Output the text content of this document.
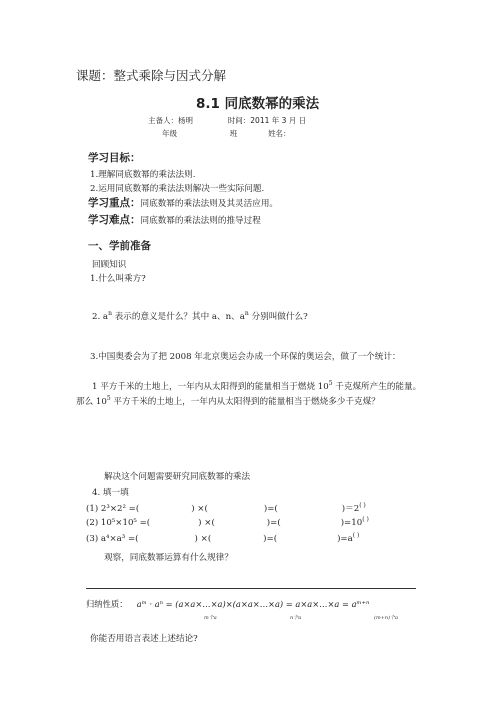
课题：整式乘除与因式分解
8.1 同底数幂的乘法
主备人：杨明	时间：2011 年 3 月 日
年级	班	姓名：
学习目标：
1.理解同底数幂的乘法法则.
2.运用同底数幂的乘法法则解决一些实际问题.
学习重点：同底数幂的乘法法则及其灵活应用。
学习难点：同底数幂的乘法法则的推导过程
一、学前准备
回顾知识
1.什么叫乘方?
2. $a^n$ 表示的意义是什么？其中 a、n、$a^n$ 分别叫做什么?
3.中国奥委会为了把 2008 年北京奥运会办成一个环保的奥运会，做了一个统计：
1 平方千米的土地上，一年内从太阳得到的能量相当于燃烧 $10^5$ 千克煤所产生的能量。那么 $10^5$ 平方千米的土地上，一年内从太阳得到的能量相当于燃烧多少千克煤？
解决这个问题需要研究同底数幂的乘法
4. 填一填
(1) 2³×2² =(	) ×(	)=(	)＝2( )
(2) 10⁵×10⁵ =(	) ×(	)=(	)=10( )
(3) a⁴×a³ =(	) ×(	)=(	)=a( )
观察，同底数幂运算有什么规律？
归纳性质： aᵐ · aⁿ = (a×a×…×a)×(a×a×…×a) = a×a×…×a = aᵐ⁺ⁿ
m个a	n个a	(m+n)个a
你能否用语言表述上述结论?
